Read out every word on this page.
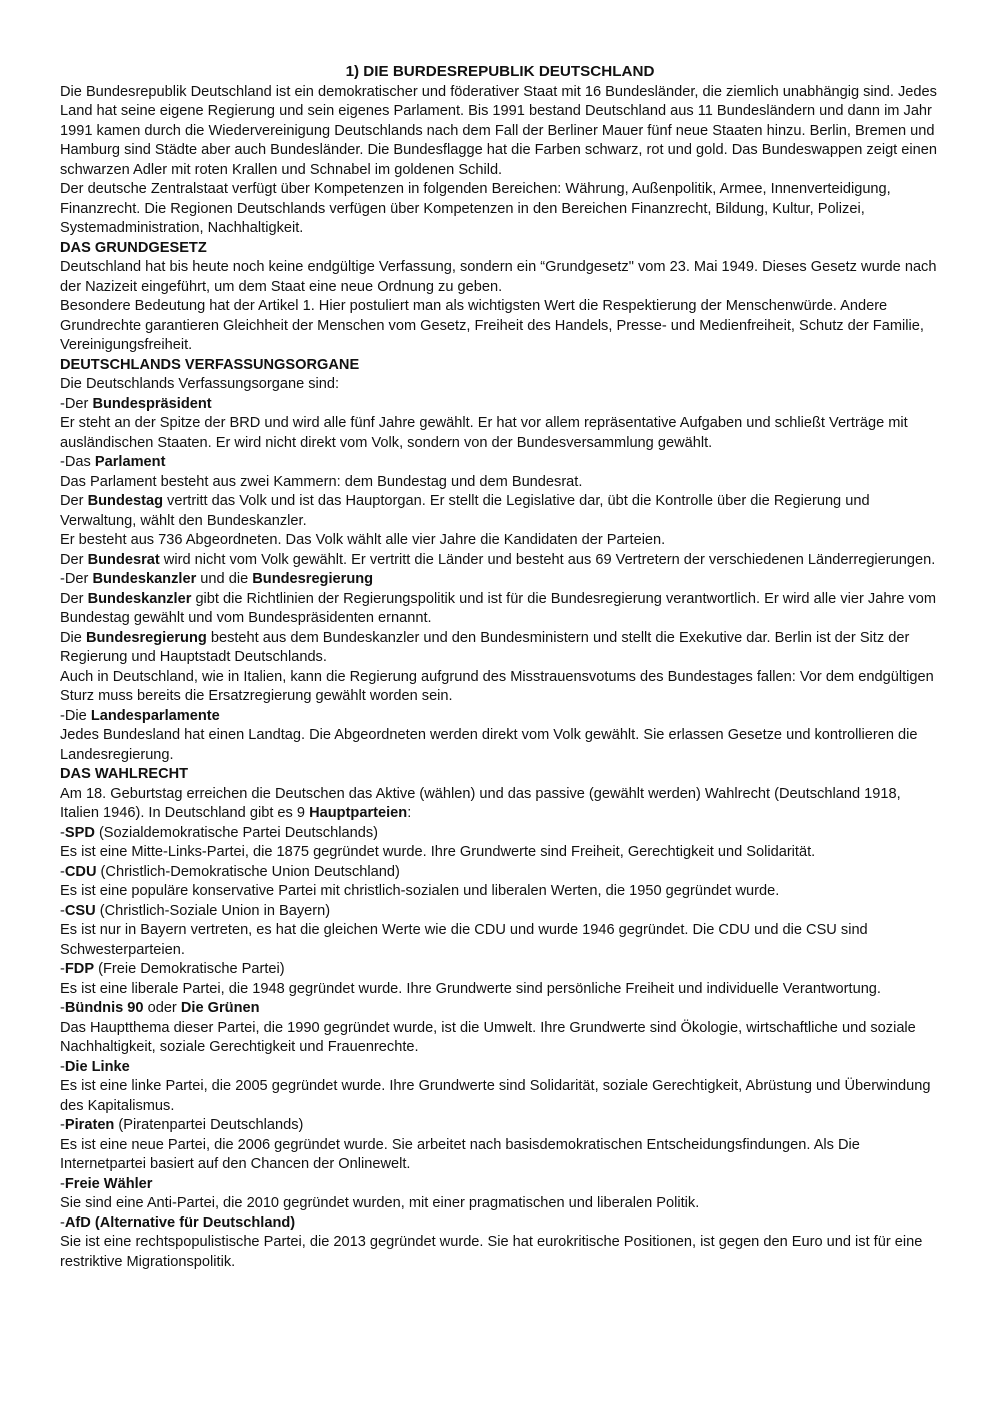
1) DIE BURDESREPUBLIK DEUTSCHLAND

Die Bundesrepublik Deutschland ist ein demokratischer und föderativer Staat mit 16 Bundesländer, die ziemlich unabhängig sind. Jedes Land hat seine eigene Regierung und sein eigenes Parlament. Bis 1991 bestand Deutschland aus 11 Bundesländern und dann im Jahr 1991 kamen durch die Wiedervereinigung Deutschlands nach dem Fall der Berliner Mauer fünf neue Staaten hinzu. Berlin, Bremen und Hamburg sind Städte aber auch Bundesländer. Die Bundesflagge hat die Farben schwarz, rot und gold. Das Bundeswappen zeigt einen schwarzen Adler mit roten Krallen und Schnabel im goldenen Schild.

Der deutsche Zentralstaat verfügt über Kompetenzen in folgenden Bereichen: Währung, Außenpolitik, Armee, Innenverteidigung, Finanzrecht. Die Regionen Deutschlands verfügen über Kompetenzen in den Bereichen Finanzrecht, Bildung, Kultur, Polizei, Systemadministration, Nachhaltigkeit.

DAS GRUNDGESETZ

Deutschland hat bis heute noch keine endgültige Verfassung, sondern ein “Grundgesetz" vom 23. Mai 1949. Dieses Gesetz wurde nach der Nazizeit eingeführt, um dem Staat eine neue Ordnung zu geben.

Besondere Bedeutung hat der Artikel 1. Hier postuliert man als wichtigsten Wert die Respektierung der Menschenwürde. Andere Grundrechte garantieren Gleichheit der Menschen vom Gesetz, Freiheit des Handels, Presse- und Medienfreiheit, Schutz der Familie, Vereinigungsfreiheit.

DEUTSCHLANDS VERFASSUNGSORGANE

Die Deutschlands Verfassungsorgane sind:

-Der Bundespräsident

Er steht an der Spitze der BRD und wird alle fünf Jahre gewählt. Er hat vor allem repräsentative Aufgaben und schließt Verträge mit ausländischen Staaten. Er wird nicht direkt vom Volk, sondern von der Bundesversammlung gewählt.

-Das Parlament

Das Parlament besteht aus zwei Kammern: dem Bundestag und dem Bundesrat.

Der Bundestag vertritt das Volk und ist das Hauptorgan. Er stellt die Legislative dar, übt die Kontrolle über die Regierung und Verwaltung, wählt den Bundeskanzler.

Er besteht aus 736 Abgeordneten. Das Volk wählt alle vier Jahre die Kandidaten der Parteien.

Der Bundesrat wird nicht vom Volk gewählt. Er vertritt die Länder und besteht aus 69 Vertretern der verschiedenen Länderregierungen.

-Der Bundeskanzler und die Bundesregierung

Der Bundeskanzler gibt die Richtlinien der Regierungspolitik und ist für die Bundesregierung verantwortlich. Er wird alle vier Jahre vom Bundestag gewählt und vom Bundespräsidenten ernannt.

Die Bundesregierung besteht aus dem Bundeskanzler und den Bundesministern und stellt die Exekutive dar. Berlin ist der Sitz der Regierung und Hauptstadt Deutschlands.

Auch in Deutschland, wie in Italien, kann die Regierung aufgrund des Misstrauensvotums des Bundestages fallen: Vor dem endgültigen Sturz muss bereits die Ersatzregierung gewählt worden sein.

-Die Landesparlamente

Jedes Bundesland hat einen Landtag. Die Abgeordneten werden direkt vom Volk gewählt. Sie erlassen Gesetze und kontrollieren die Landesregierung.

DAS WAHLRECHT

Am 18. Geburtstag erreichen die Deutschen das Aktive (wählen) und das passive (gewählt werden) Wahlrecht (Deutschland 1918, Italien 1946). In Deutschland gibt es 9 Hauptparteien:

-SPD (Sozialdemokratische Partei Deutschlands)

Es ist eine Mitte-Links-Partei, die 1875 gegründet wurde. Ihre Grundwerte sind Freiheit, Gerechtigkeit und Solidarität.

-CDU (Christlich-Demokratische Union Deutschland)

Es ist eine populäre konservative Partei mit christlich-sozialen und liberalen Werten, die 1950 gegründet wurde.

-CSU (Christlich-Soziale Union in Bayern)

Es ist nur in Bayern vertreten, es hat die gleichen Werte wie die CDU und wurde 1946 gegründet. Die CDU und die CSU sind Schwesterparteien.

-FDP (Freie Demokratische Partei)

Es ist eine liberale Partei, die 1948 gegründet wurde. Ihre Grundwerte sind persönliche Freiheit und individuelle Verantwortung.

-Bündnis 90 oder Die Grünen

Das Hauptthema dieser Partei, die 1990 gegründet wurde, ist die Umwelt. Ihre Grundwerte sind Ökologie, wirtschaftliche und soziale Nachhaltigkeit, soziale Gerechtigkeit und Frauenrechte.

-Die Linke

Es ist eine linke Partei, die 2005 gegründet wurde. Ihre Grundwerte sind Solidarität, soziale Gerechtigkeit, Abrüstung und Überwindung des Kapitalismus.

-Piraten (Piratenpartei Deutschlands)

Es ist eine neue Partei, die 2006 gegründet wurde. Sie arbeitet nach basisdemokratischen Entscheidungsfindungen. Als Die Internetpartei basiert auf den Chancen der Onlinewelt.

-Freie Wähler

Sie sind eine Anti-Partei, die 2010 gegründet wurden, mit einer pragmatischen und liberalen Politik.

-AfD (Alternative für Deutschland)

Sie ist eine rechtspopulistische Partei, die 2013 gegründet wurde. Sie hat eurokritische Positionen, ist gegen den Euro und ist für eine restriktive Migrationspolitik.
